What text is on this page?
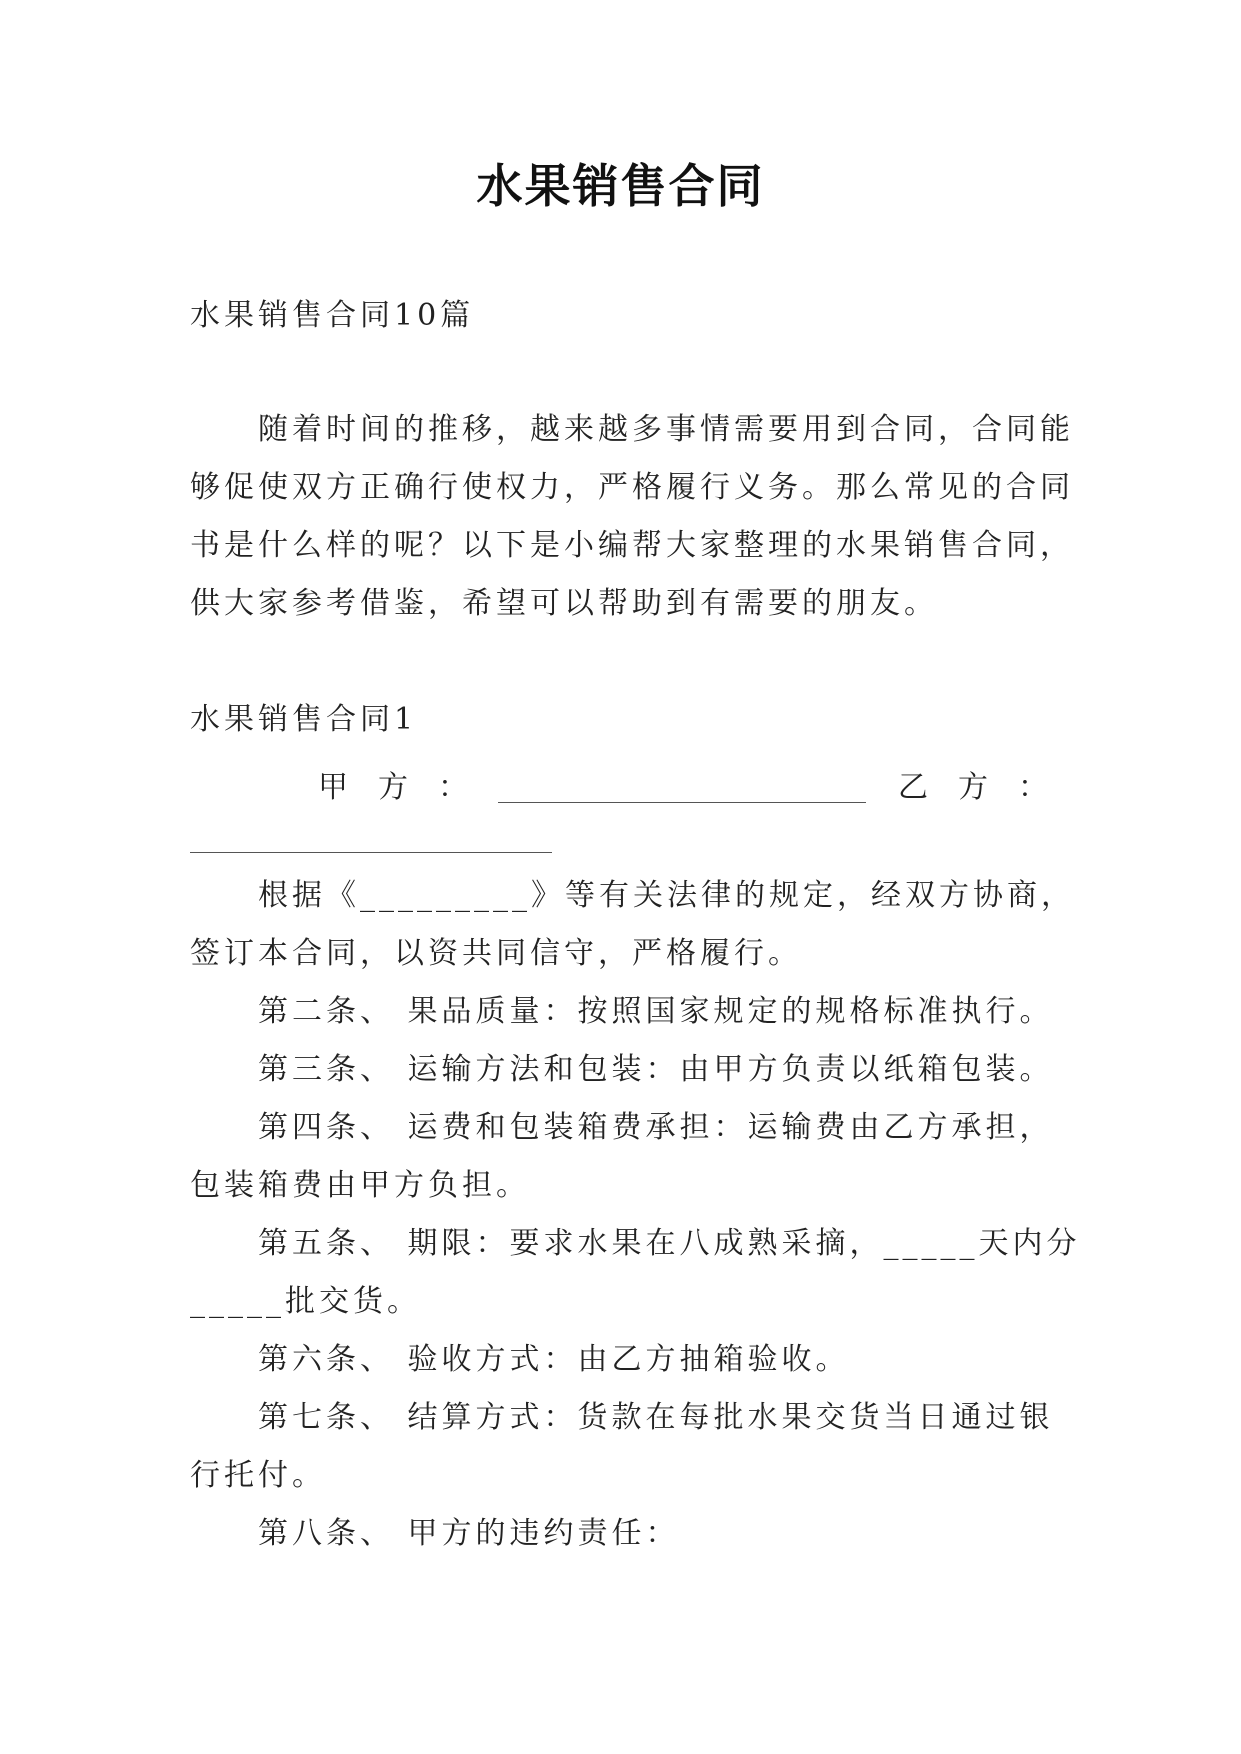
水果销售合同
水果销售合同10篇
随着时间的推移，越来越多事情需要用到合同，合同能
够促使双方正确行使权力，严格履行义务。那么常见的合同
书是什么样的呢？以下是小编帮大家整理的水果销售合同，
供大家参考借鉴，希望可以帮助到有需要的朋友。
水果销售合同1
甲　方　：	乙　方　：
根据《_________》等有关法律的规定，经双方协商，
签订本合同，以资共同信守，严格履行。
第二条、 果品质量：按照国家规定的规格标准执行。
第三条、 运输方法和包装：由甲方负责以纸箱包装。
第四条、 运费和包装箱费承担：运输费由乙方承担，
包装箱费由甲方负担。
第五条、 期限：要求水果在八成熟采摘，_____天内分
_____批交货。
第六条、 验收方式：由乙方抽箱验收。
第七条、 结算方式：货款在每批水果交货当日通过银
行托付。
第八条、 甲方的违约责任：
